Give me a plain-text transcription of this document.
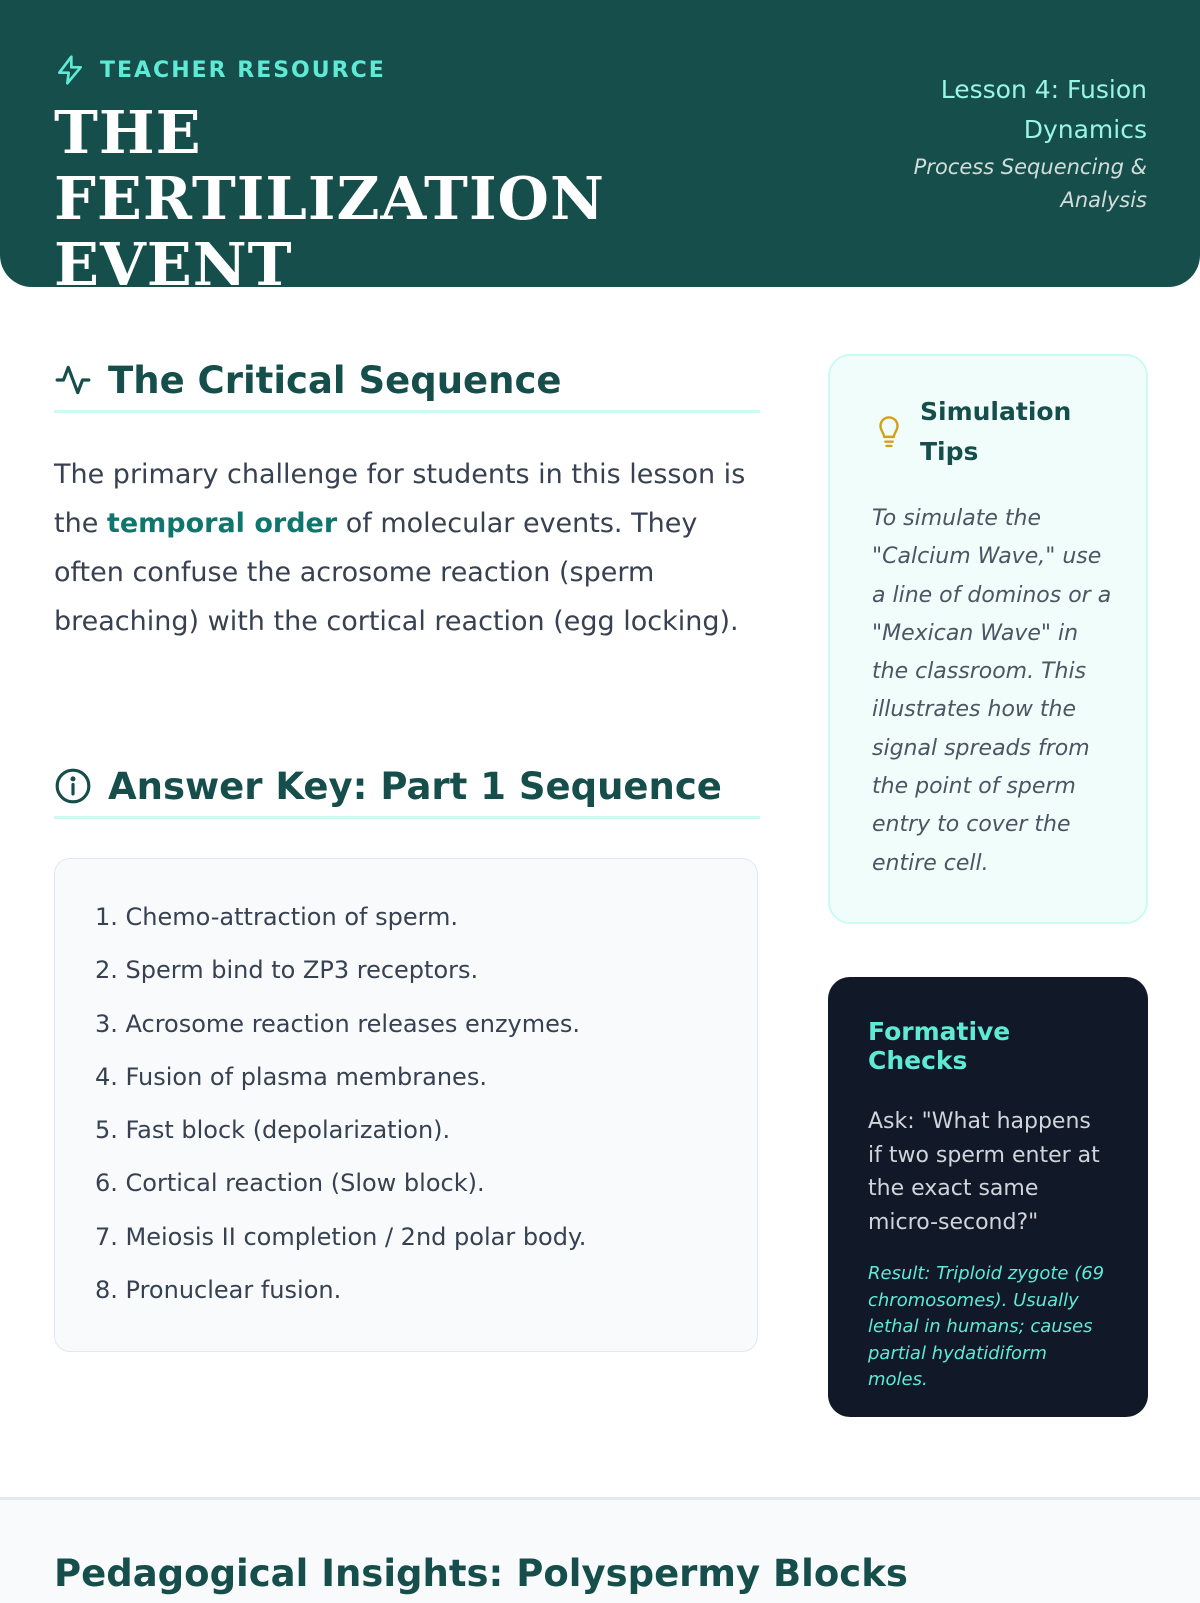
TEACHER RESOURCE
THE FERTILIZATION EVENT
Lesson 4: Fusion Dynamics
Process Sequencing & Analysis
The Critical Sequence
The primary challenge for students in this lesson is the temporal order of molecular events. They often confuse the acrosome reaction (sperm breaching) with the cortical reaction (egg locking).
Answer Key: Part 1 Sequence
1. Chemo-attraction of sperm.
2. Sperm bind to ZP3 receptors.
3. Acrosome reaction releases enzymes.
4. Fusion of plasma membranes.
5. Fast block (depolarization).
6. Cortical reaction (Slow block).
7. Meiosis II completion / 2nd polar body.
8. Pronuclear fusion.
Simulation Tips
To simulate the "Calcium Wave," use a line of dominos or a "Mexican Wave" in the classroom. This illustrates how the signal spreads from the point of sperm entry to cover the entire cell.
Formative Checks
Ask: "What happens if two sperm enter at the exact same micro-second?"
Result: Triploid zygote (69 chromosomes). Usually lethal in humans; causes partial hydatidiform moles.
Pedagogical Insights: Polyspermy Blocks
